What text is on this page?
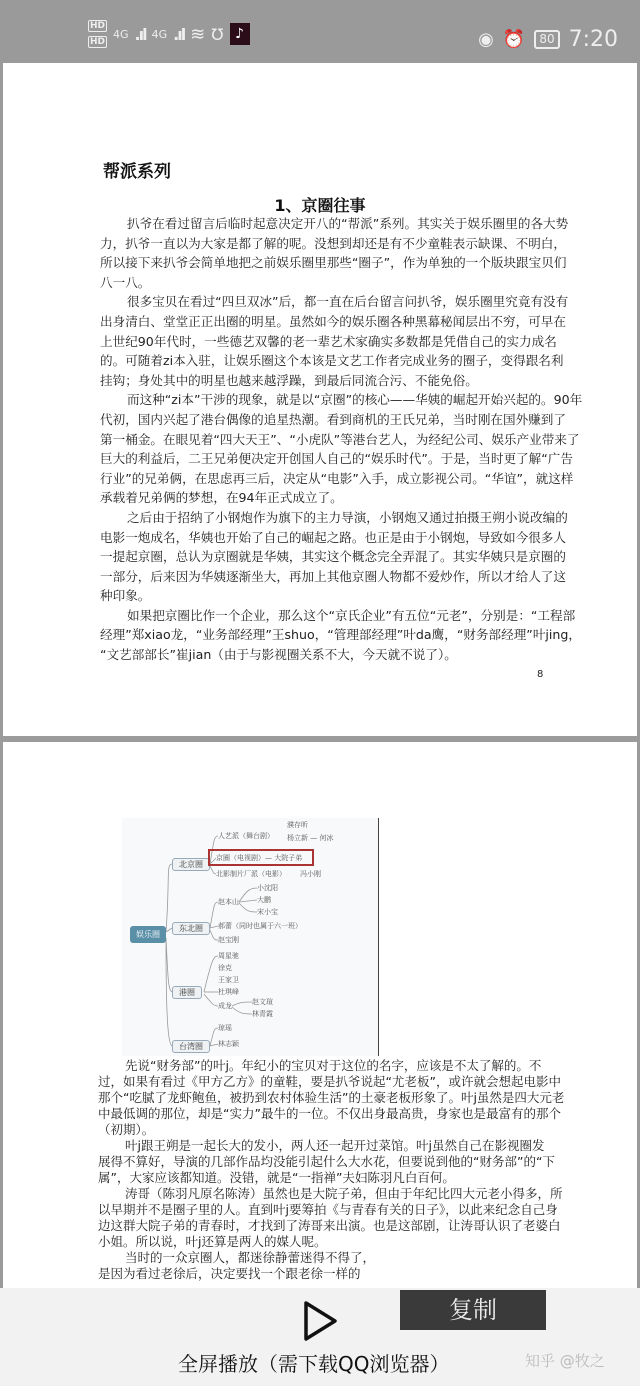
HD
HD
4G .ıl 4G .ıl ≋ Ʊ ♪	◉ ⏰	80 7:20
帮派系列
1、京圈往事
扒爷在看过留言后临时起意决定开八的“帮派”系列。其实关于娱乐圈里的各大势
力，扒爷一直以为大家是都了解的呢。没想到却还是有不少童鞋表示缺课、不明白，
所以接下来扒爷会简单地把之前娱乐圈里那些“圈子”，作为单独的一个版块跟宝贝们
八一八。
很多宝贝在看过“四旦双冰”后，都一直在后台留言问扒爷，娱乐圈里究竟有没有
出身清白、堂堂正正出圈的明星。虽然如今的娱乐圈各种黑幕秘闻层出不穷，可早在
上世纪90年代时，一些德艺双馨的老一辈艺术家确实多数都是凭借自己的实力成名
的。可随着zi本入驻，让娱乐圈这个本该是文艺工作者完成业务的圈子，变得跟名利
挂钩；身处其中的明星也越来越浮躁，到最后同流合污、不能免俗。
而这种“zi本”干涉的现象，就是以“京圈”的核心——华姨的崛起开始兴起的。90年
代初，国内兴起了港台偶像的追星热潮。看到商机的王氏兄弟，当时刚在国外赚到了
第一桶金。在眼见着“四大天王”、“小虎队”等港台艺人，为经纪公司、娱乐产业带来了
巨大的利益后，二王兄弟便决定开创国人自己的“娱乐时代”。于是，当时更了解“广告
行业”的兄弟俩，在思虑再三后，决定从“电影”入手，成立影视公司。“华谊”，就这样
承载着兄弟俩的梦想，在94年正式成立了。
之后由于招纳了小钢炮作为旗下的主力导演，小钢炮又通过拍摄王朔小说改编的
电影一炮成名，华姨也开始了自己的崛起之路。也正是由于小钢炮，导致如今很多人
一提起京圈，总认为京圈就是华姨，其实这个概念完全弄混了。其实华姨只是京圈的
一部分，后来因为华姨逐渐坐大，再加上其他京圈人物都不爱炒作，所以才给人了这
种印象。
如果把京圈比作一个企业，那么这个“京氏企业”有五位“元老”，分别是：“工程部
经理”郑xiao龙，“业务部经理”王shuo，“管理部经理”叶da鹰，“财务部经理”叶jing，
“文艺部部长”崔jian（由于与影视圈关系不大，今天就不说了）。
8
娱乐圈
北京圈
东北圈
港圈
台湾圈
人艺派（舞台剧）
濮存昕
杨立新 — 何冰
京圈（电视剧）— 大院子弟
北影制片厂派（电影） 冯小刚
赵本山
小沈阳
大鹏
宋小宝
郝蕾（同时也属于六一班）
赵宝刚
周星驰
徐克
王家卫
杜琪峰
成龙	赵文瑄
林青霞
琼瑶
林志颖
先说“财务部”的叶j。年纪小的宝贝对于这位的名字，应该是不太了解的。不
过，如果有看过《甲方乙方》的童鞋，要是扒爷说起“尤老板”，或许就会想起电影中
那个“吃腻了龙虾鲍鱼，被扔到农村体验生活”的土豪老板形象了。叶j虽然是四大元老
中最低调的那位，却是“实力”最牛的一位。不仅出身最高贵，身家也是最富有的那个
（初期）。
叶j跟王朔是一起长大的发小，两人还一起开过菜馆。叶j虽然自己在影视圈发
展得不算好，导演的几部作品均没能引起什么大水花，但要说到他的“财务部”的“下
属”，大家应该都知道。没错，就是“一指禅”夫妇陈羽凡白百何。
涛哥（陈羽凡原名陈涛）虽然也是大院子弟，但由于年纪比四大元老小得多，所
以早期并不是圈子里的人。直到叶j要筹拍《与青春有关的日子》，以此来纪念自己身
边这群大院子弟的青春时，才找到了涛哥来出演。也是这部剧，让涛哥认识了老婆白
小姐。所以说，叶j还算是两人的媒人呢。
当时的一众京圈人，都迷徐静蕾迷得不得了，
是因为看过老徐后，决定要找一个跟老徐一样的
全屏播放（需下载QQ浏览器）	知乎 @牧之
复制
